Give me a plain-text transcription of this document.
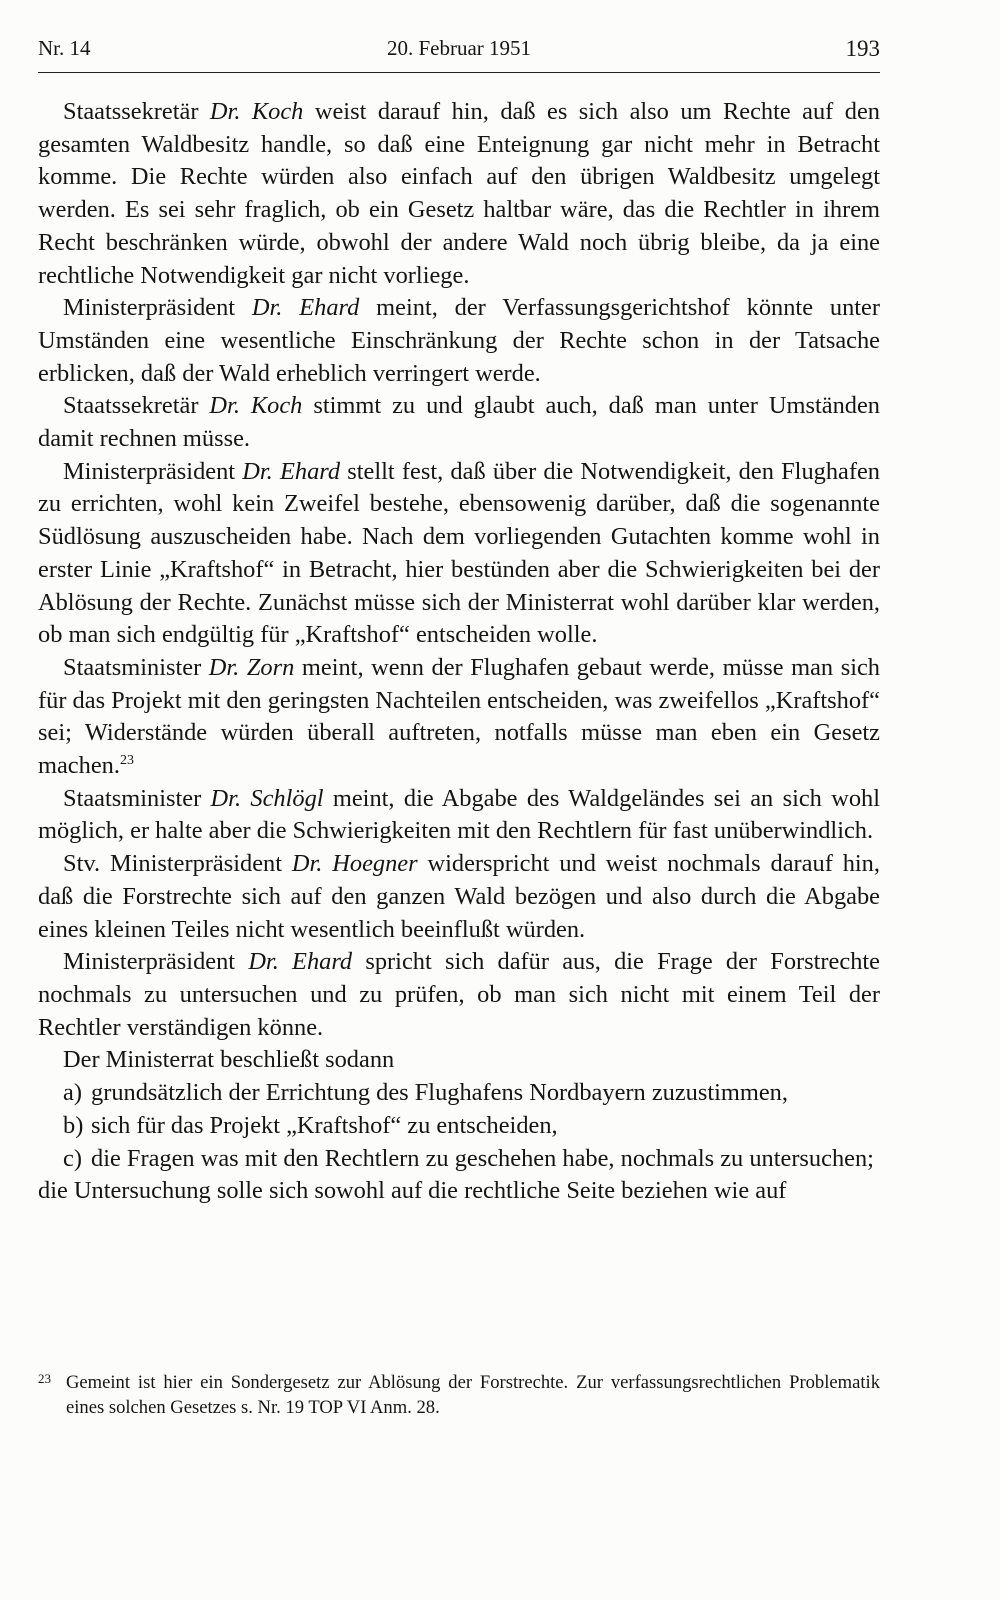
Nr. 14	20. Februar 1951	193

Staatssekretär Dr. Koch weist darauf hin, daß es sich also um Rechte auf den gesamten Waldbesitz handle, so daß eine Enteignung gar nicht mehr in Betracht komme. Die Rechte würden also einfach auf den übrigen Waldbesitz umgelegt werden. Es sei sehr fraglich, ob ein Gesetz haltbar wäre, das die Rechtler in ihrem Recht beschränken würde, obwohl der andere Wald noch übrig bleibe, da ja eine rechtliche Notwendigkeit gar nicht vorliege.

Ministerpräsident Dr. Ehard meint, der Verfassungsgerichtshof könnte unter Umständen eine wesentliche Einschränkung der Rechte schon in der Tatsache erblicken, daß der Wald erheblich verringert werde.

Staatssekretär Dr. Koch stimmt zu und glaubt auch, daß man unter Umständen damit rechnen müsse.

Ministerpräsident Dr. Ehard stellt fest, daß über die Notwendigkeit, den Flughafen zu errichten, wohl kein Zweifel bestehe, ebensowenig darüber, daß die sogenannte Südlösung auszuscheiden habe. Nach dem vorliegenden Gutachten komme wohl in erster Linie „Kraftshof“ in Betracht, hier bestünden aber die Schwierigkeiten bei der Ablösung der Rechte. Zunächst müsse sich der Ministerrat wohl darüber klar werden, ob man sich endgültig für „Kraftshof“ entscheiden wolle.

Staatsminister Dr. Zorn meint, wenn der Flughafen gebaut werde, müsse man sich für das Projekt mit den geringsten Nachteilen entscheiden, was zweifellos „Kraftshof“ sei; Widerstände würden überall auftreten, notfalls müsse man eben ein Gesetz machen.$^{23}$

Staatsminister Dr. Schlögl meint, die Abgabe des Waldgeländes sei an sich wohl möglich, er halte aber die Schwierigkeiten mit den Rechtlern für fast unüberwindlich.

Stv. Ministerpräsident Dr. Hoegner widerspricht und weist nochmals darauf hin, daß die Forstrechte sich auf den ganzen Wald bezögen und also durch die Abgabe eines kleinen Teiles nicht wesentlich beeinflußt würden.

Ministerpräsident Dr. Ehard spricht sich dafür aus, die Frage der Forstrechte nochmals zu untersuchen und zu prüfen, ob man sich nicht mit einem Teil der Rechtler verständigen könne.

Der Ministerrat beschließt sodann

a) grundsätzlich der Errichtung des Flughafens Nordbayern zuzustimmen,
b) sich für das Projekt „Kraftshof“ zu entscheiden,
c) die Fragen was mit den Rechtlern zu geschehen habe, nochmals zu untersuchen;

die Untersuchung solle sich sowohl auf die rechtliche Seite beziehen wie auf

23 Gemeint ist hier ein Sondergesetz zur Ablösung der Forstrechte. Zur verfassungsrechtlichen Problematik eines solchen Gesetzes s. Nr. 19 TOP VI Anm. 28.
